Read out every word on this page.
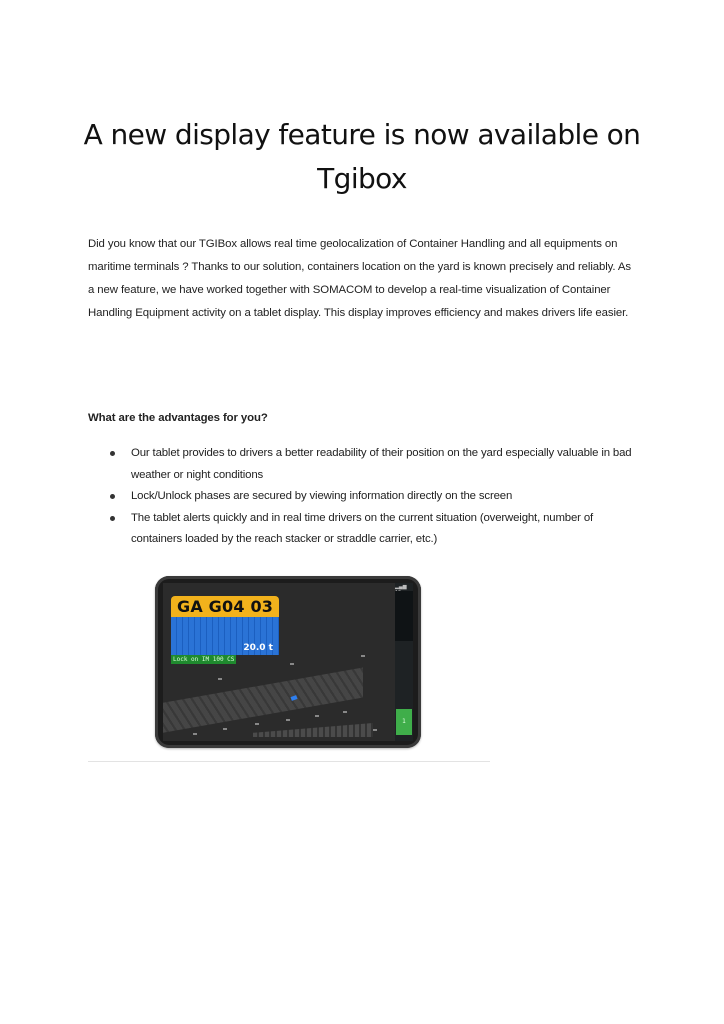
A new display feature is now available on Tgibox

Did you know that our TGIBox allows real time geolocalization of Container Handling and all equipments on maritime terminals ? Thanks to our solution, containers location on the yard is known precisely and reliably. As a new feature, we have worked together with SOMACOM to develop a real-time visualization of Container Handling Equipment activity on a tablet display. This display improves efficiency and makes drivers life easier.

What are the advantages for you?
Our tablet provides to drivers a better readability of their position on the yard especially valuable in bad weather or night conditions
Lock/Unlock phases are secured by viewing information directly on the screen
The tablet alerts quickly and in real time drivers on the current situation (overweight, number of containers loaded by the reach stacker or straddle carrier, etc.)
GA G04 03
20.0 t
Lock on IM 100 CS
▂▄▆
1
